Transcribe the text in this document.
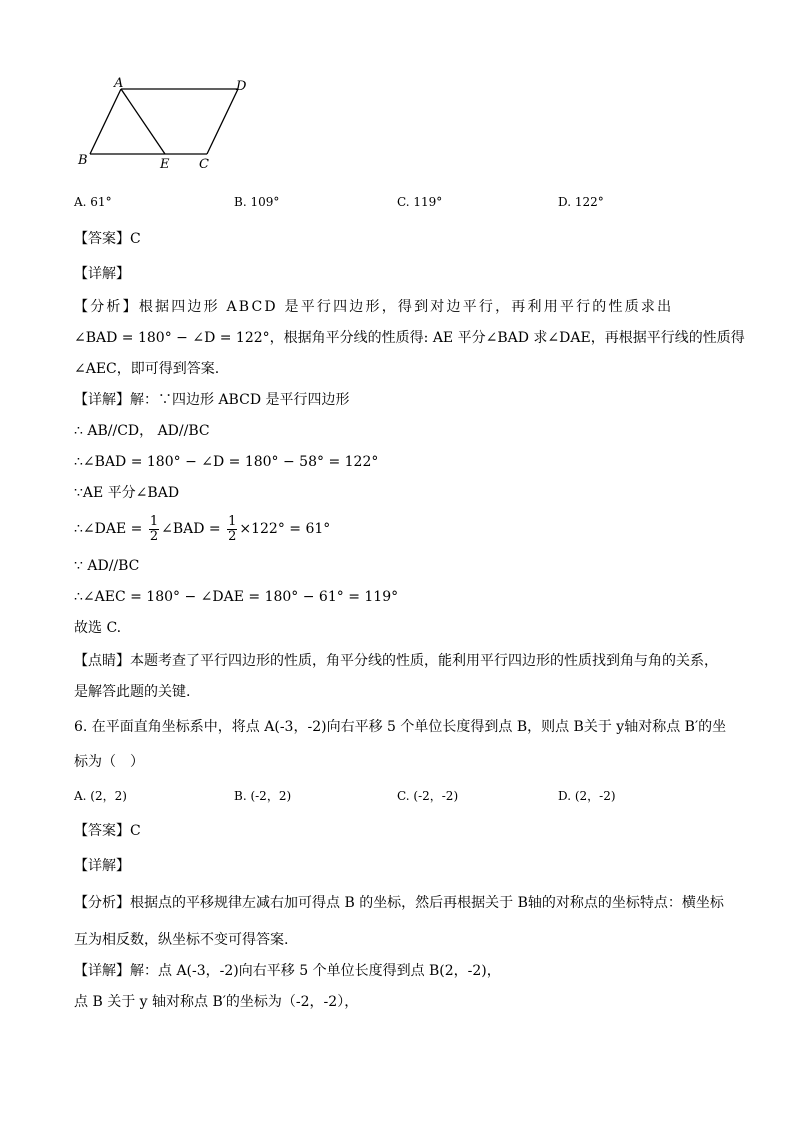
A	D
B	E C
A. 61°	B. 109°	C. 119°	D. 122°
【答案】C
【详解】
【分析】根据四边形 ABCD 是平行四边形，得到对边平行，再利用平行的性质求出
∠BAD = 180° − ∠D = 122°，根据角平分线的性质得: AE 平分∠BAD 求∠DAE，再根据平行线的性质得
∠AEC，即可得到答案.
【详解】解：∵四边形 ABCD 是平行四边形
∴ AB//CD， AD//BC
∴∠BAD = 180° − ∠D = 180° − 58° = 122°
∵AE 平分∠BAD
∴∠DAE = $\frac{1}{2}$ ∠BAD = $\frac{1}{2} \times 122^\circ = 61^\circ$
∵ AD//BC
∴∠AEC = 180° − ∠DAE = 180° − 61° = 119°
故选 C.
【点睛】本题考查了平行四边形的性质，角平分线的性质，能利用平行四边形的性质找到角与角的关系，
是解答此题的关键.
6. 在平面直角坐标系中，将点 A(-3，-2)向右平移 5 个单位长度得到点 B，则点 B关于 y轴对称点 B′的坐
标为（　）
A. (2，2)	B. (-2，2)	C. (-2，-2)	D. (2，-2)
【答案】C
【详解】
【分析】根据点的平移规律左减右加可得点 B 的坐标，然后再根据关于 B轴的对称点的坐标特点：横坐标
互为相反数，纵坐标不变可得答案.
【详解】解：点 A(-3，-2)向右平移 5 个单位长度得到点 B(2，-2)，
点 B 关于 y 轴对称点 B′的坐标为（-2，-2），
